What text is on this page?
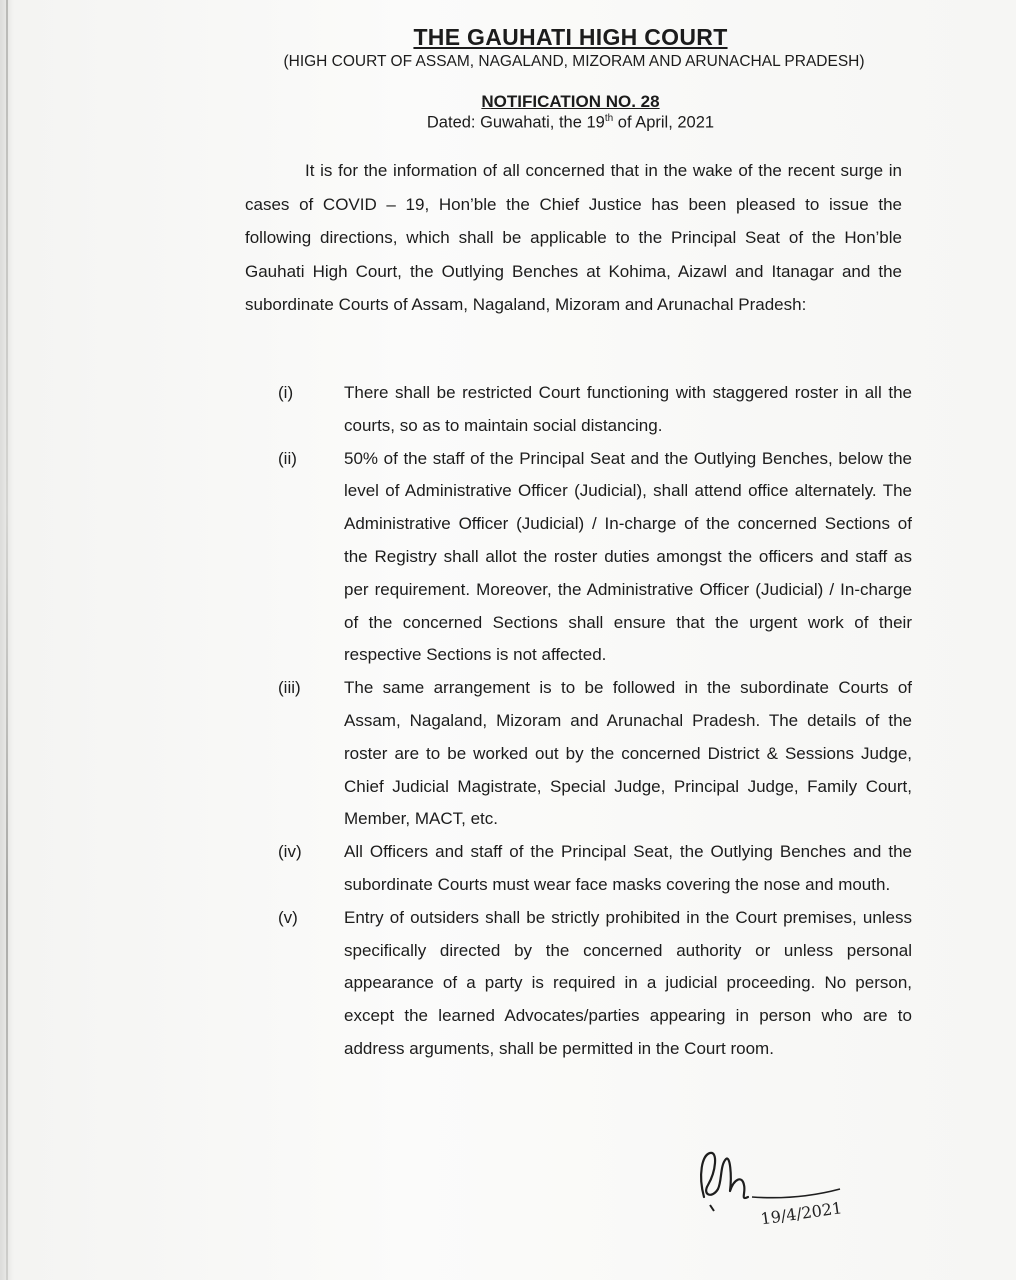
THE GAUHATI HIGH COURT
(HIGH COURT OF ASSAM, NAGALAND, MIZORAM AND ARUNACHAL PRADESH)
NOTIFICATION NO. 28
Dated: Guwahati, the 19th of April, 2021
It is for the information of all concerned that in the wake of the recent surge in cases of COVID – 19, Hon’ble the Chief Justice has been pleased to issue the following directions, which shall be applicable to the Principal Seat of the Hon’ble Gauhati High Court, the Outlying Benches at Kohima, Aizawl and Itanagar and the subordinate Courts of Assam, Nagaland, Mizoram and Arunachal Pradesh:
(i)	There shall be restricted Court functioning with staggered roster in all the courts, so as to maintain social distancing.
(ii)	50% of the staff of the Principal Seat and the Outlying Benches, below the level of Administrative Officer (Judicial), shall attend office alternately. The Administrative Officer (Judicial) / In-charge of the concerned Sections of the Registry shall allot the roster duties amongst the officers and staff as per requirement. Moreover, the Administrative Officer (Judicial) / In-charge of the concerned Sections shall ensure that the urgent work of their respective Sections is not affected.
(iii)	The same arrangement is to be followed in the subordinate Courts of Assam, Nagaland, Mizoram and Arunachal Pradesh. The details of the roster are to be worked out by the concerned District & Sessions Judge, Chief Judicial Magistrate, Special Judge, Principal Judge, Family Court, Member, MACT, etc.
(iv)	All Officers and staff of the Principal Seat, the Outlying Benches and the subordinate Courts must wear face masks covering the nose and mouth.
(v)	Entry of outsiders shall be strictly prohibited in the Court premises, unless specifically directed by the concerned authority or unless personal appearance of a party is required in a judicial proceeding. No person, except the learned Advocates/parties appearing in person who are to address arguments, shall be permitted in the Court room.
19/4/2021
